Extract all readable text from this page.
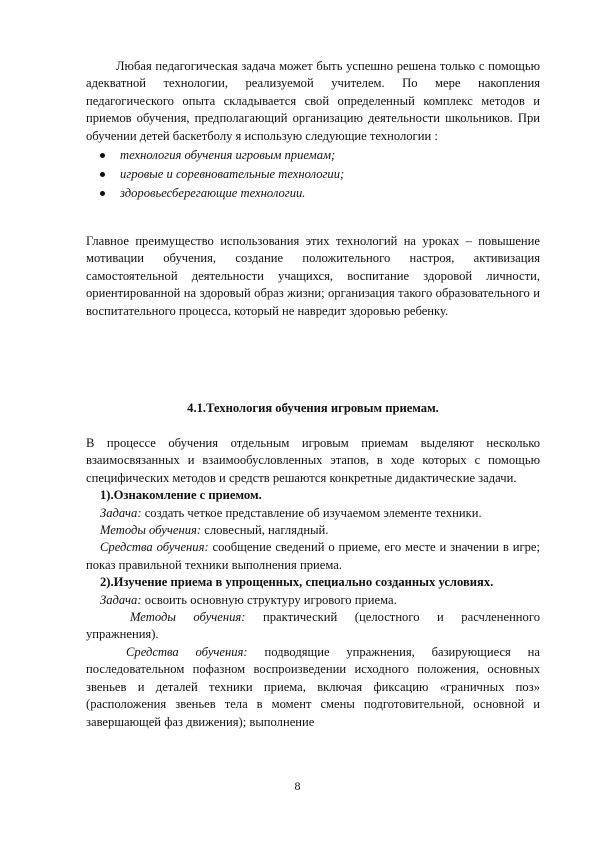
Любая педагогическая задача может быть успешно решена только с помощью адекватной технологии, реализуемой учителем. По мере накопления педагогического опыта складывается свой определенный комплекс методов и приемов обучения, предполагающий организацию деятельности школьников. При обучении детей баскетболу я использую следующие технологии :

технология обучения игровым приемам;
игровые и соревновательные технологии;
здоровьесберегающие технологии.

Главное преимущество использования этих технологий на уроках – повышение мотивации обучения, создание положительного настроя, активизация самостоятельной деятельности учащихся, воспитание здоровой личности, ориентированной на здоровый образ жизни; организация такого образовательного и воспитательного процесса, который не навредит здоровью ребенку.

4.1.Технология обучения игровым приемам.

В процессе обучения отдельным игровым приемам выделяют несколько взаимосвязанных и взаимообусловленных этапов, в ходе которых с помощью специфических методов и средств решаются конкретные дидактические задачи.

1).Ознакомление с приемом.

Задача: создать четкое представление об изучаемом элементе техники.

Методы обучения: словесный, наглядный.

Средства обучения: сообщение сведений о приеме, его месте и значении в игре; показ правильной техники выполнения приема.

2).Изучение приема в упрощенных, специально созданных условиях.

Задача: освоить основную структуру игрового приема.

Методы обучения: практический (целостного и расчлененного упражнения).

Средства обучения: подводящие упражнения, базирующиеся на последовательном пофазном воспроизведении исходного положения, основных звеньев и деталей техники приема, включая фиксацию «граничных поз» (расположения звеньев тела в момент смены подготовительной, основной и завершающей фаз движения); выполнение

8
